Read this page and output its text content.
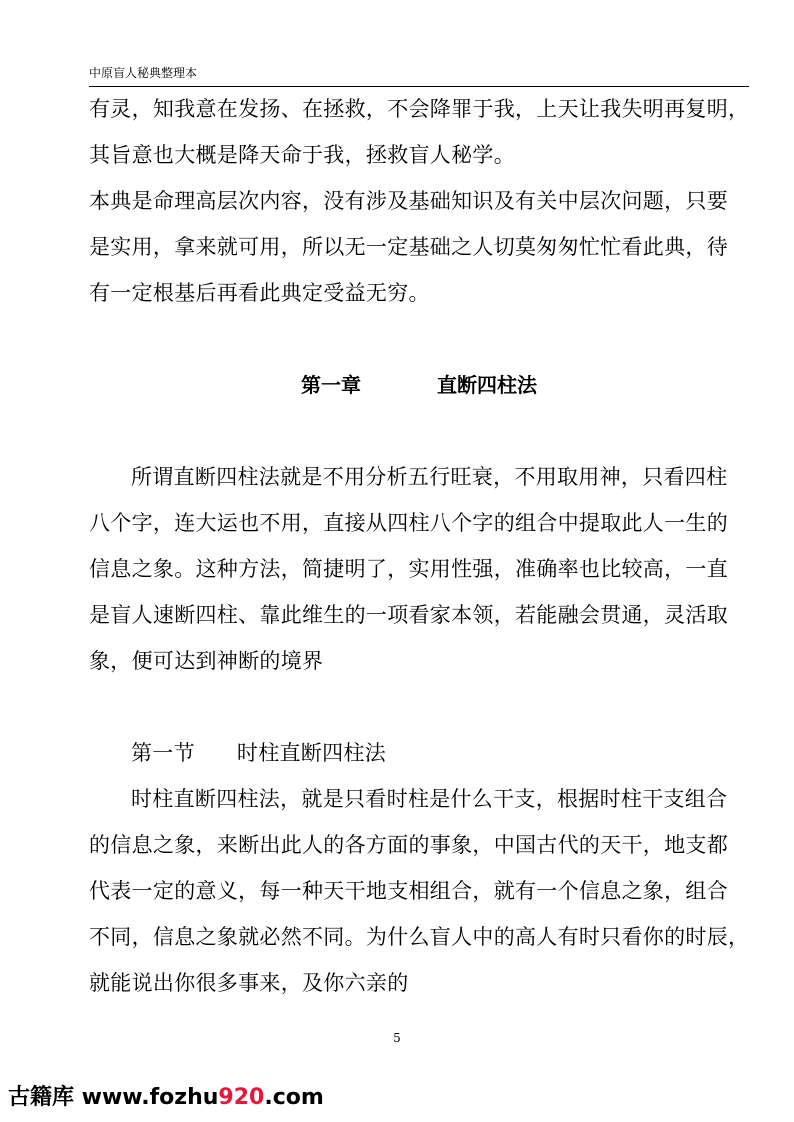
中原盲人秘典整理本
有灵，知我意在发扬、在拯救，不会降罪于我，上天让我失明再复明，
其旨意也大概是降天命于我，拯救盲人秘学。
本典是命理高层次内容，没有涉及基础知识及有关中层次问题，只要
是实用，拿来就可用，所以无一定基础之人切莫匆匆忙忙看此典，待
有一定根基后再看此典定受益无穷。
第一章	直断四柱法
所谓直断四柱法就是不用分析五行旺衰，不用取用神，只看四柱
八个字，连大运也不用，直接从四柱八个字的组合中提取此人一生的
信息之象。这种方法，简捷明了，实用性强，准确率也比较高，一直
是盲人速断四柱、靠此维生的一项看家本领，若能融会贯通，灵活取
象，便可达到神断的境界
第一节 时柱直断四柱法
时柱直断四柱法，就是只看时柱是什么干支，根据时柱干支组合
的信息之象，来断出此人的各方面的事象，中国古代的天干，地支都
代表一定的意义，每一种天干地支相组合，就有一个信息之象，组合
不同，信息之象就必然不同。为什么盲人中的高人有时只看你的时辰，
就能说出你很多事来，及你六亲的
5
古籍库 www.fozhu920.com
